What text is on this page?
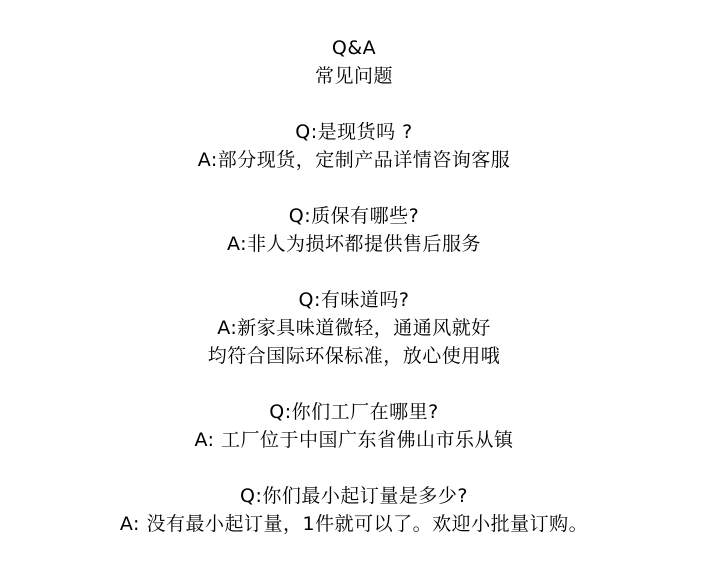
Q&A
常见问题
Q:是现货吗 ?
A:部分现货，定制产品详情咨询客服
Q:质保有哪些?
A:非人为损坏都提供售后服务
Q:有味道吗?
A:新家具味道微轻，通通风就好
均符合国际环保标准，放心使用哦
Q:你们工厂在哪里?
A: 工厂位于中国广东省佛山市乐从镇
Q:你们最小起订量是多少?
A: 没有最小起订量，1件就可以了。欢迎小批量订购。
